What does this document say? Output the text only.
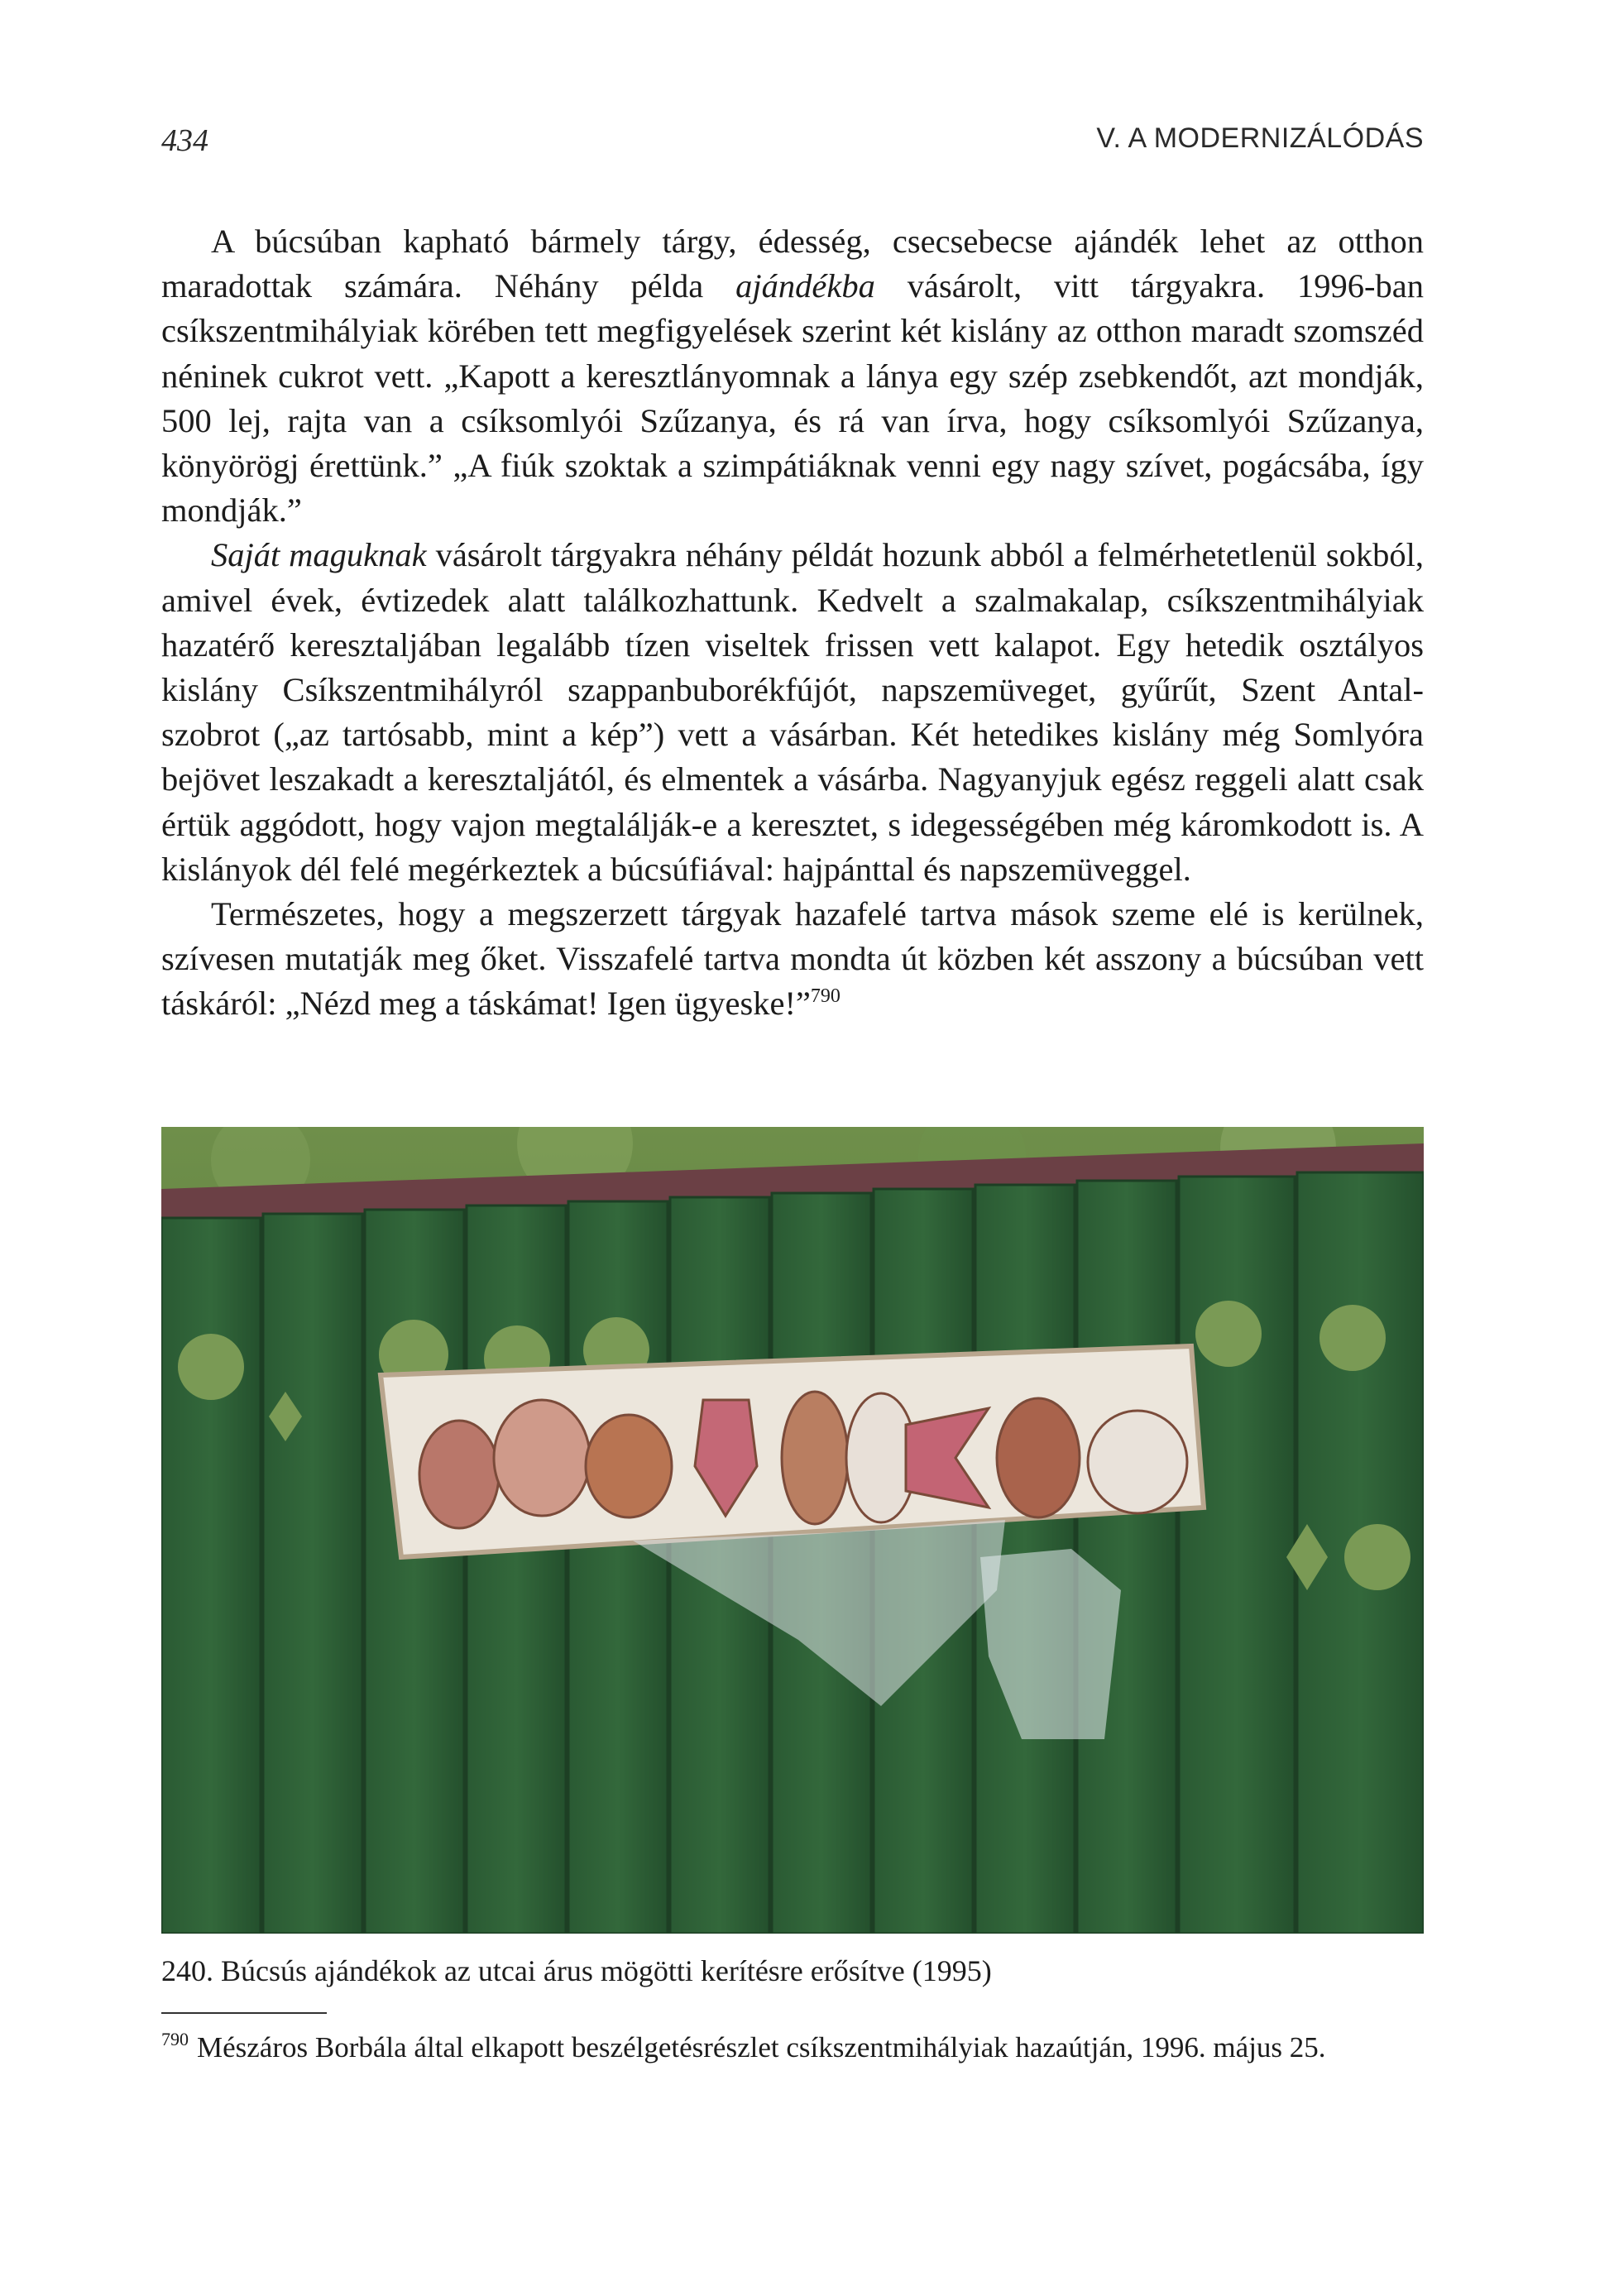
434	V. A MODERNIZÁLÓDÁS

A búcsúban kapható bármely tárgy, édesség, csecsebecse ajándék lehet az otthon maradottak számára. Néhány példa ajándékba vásárolt, vitt tárgyakra. 1996-ban csíkszentmihályiak körében tett megfigyelések szerint két kislány az otthon maradt szomszéd néninek cukrot vett. „Kapott a keresztlányomnak a lánya egy szép zsebkendőt, azt mondják, 500 lej, rajta van a csíksomlyói Szűzanya, és rá van írva, hogy csíksomlyói Szűzanya, könyörögj érettünk.” „A fiúk szoktak a szimpátiáknak venni egy nagy szívet, pogácsába, így mondják.”

Saját maguknak vásárolt tárgyakra néhány példát hozunk abból a felmérhetetlenül sokból, amivel évek, évtizedek alatt találkozhattunk. Kedvelt a szalmakalap, csíkszentmihályiak hazatérő keresztaljában legalább tízen viseltek frissen vett kalapot. Egy hetedik osztályos kislány Csíkszentmihályról szappanbuborékfújót, napszemüveget, gyűrűt, Szent Antal-szobrot („az tartósabb, mint a kép”) vett a vásárban. Két hetedikes kislány még Somlyóra bejövet leszakadt a keresztaljától, és elmentek a vásárba. Nagyanyjuk egész reggeli alatt csak értük aggódott, hogy vajon megtalálják-e a keresztet, s idegességében még káromkodott is. A kislányok dél felé megérkeztek a búcsúfiával: hajpánttal és napszemüveggel.

Természetes, hogy a megszerzett tárgyak hazafelé tartva mások szeme elé is kerülnek, szívesen mutatják meg őket. Visszafelé tartva mondta út közben két asszony a búcsúban vett táskáról: „Nézd meg a táskámat! Igen ügyeske!”$^{790}$

240. Búcsús ajándékok az utcai árus mögötti kerítésre erősítve (1995)
$^{790}$ Mészáros Borbála által elkapott beszélgetésrészlet csíkszentmihályiak hazaútján, 1996. május 25.
